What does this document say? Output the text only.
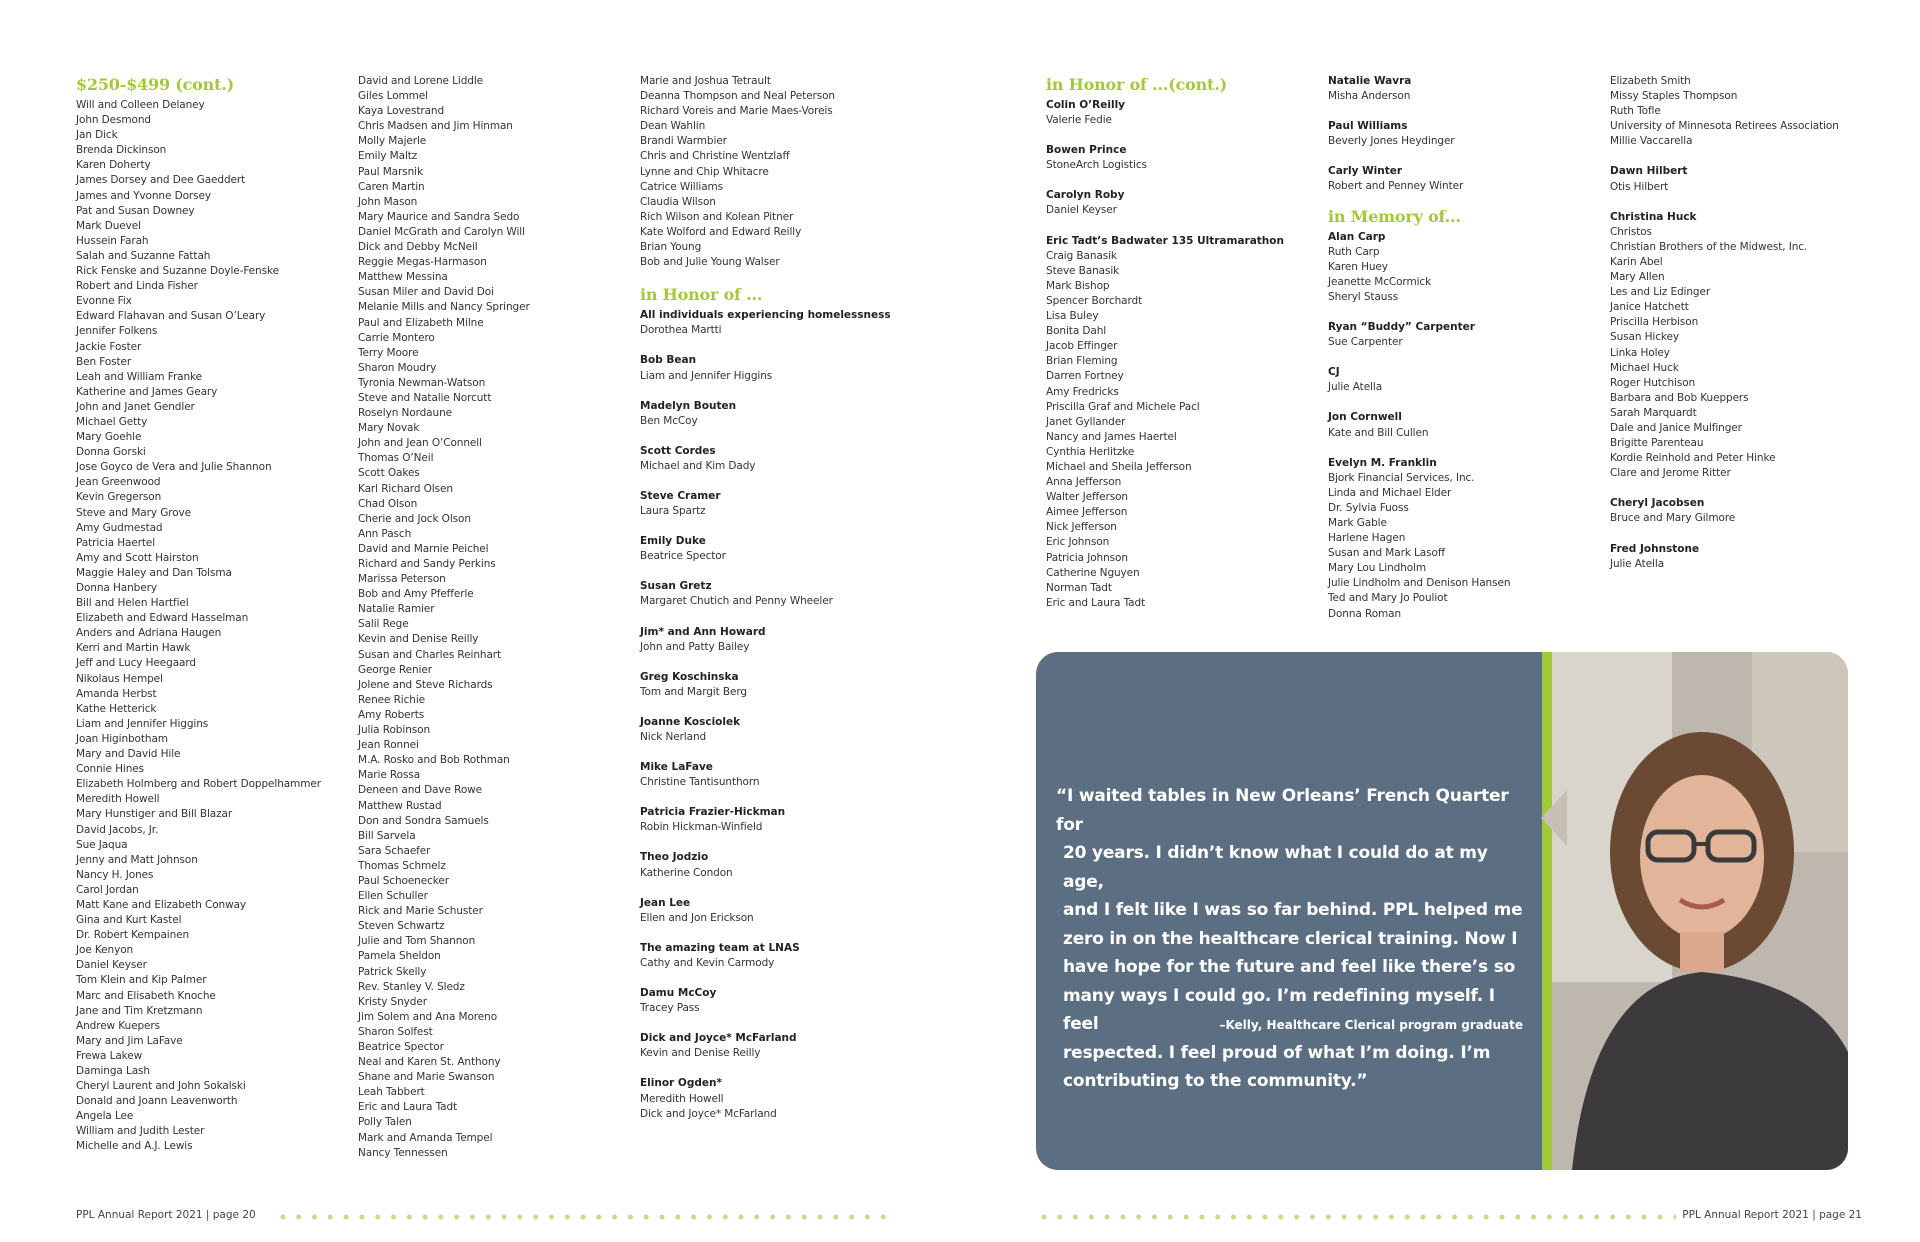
$250-$499 (cont.)
Will and Colleen Delaney
John Desmond
Jan Dick
Brenda Dickinson
Karen Doherty
James Dorsey and Dee Gaeddert
James and Yvonne Dorsey
Pat and Susan Downey
Mark Duevel
Hussein Farah
Salah and Suzanne Fattah
Rick Fenske and Suzanne Doyle-Fenske
Robert and Linda Fisher
Evonne Fix
Edward Flahavan and Susan O’Leary
Jennifer Folkens
Jackie Foster
Ben Foster
Leah and William Franke
Katherine and James Geary
John and Janet Gendler
Michael Getty
Mary Goehle
Donna Gorski
Jose Goyco de Vera and Julie Shannon
Jean Greenwood
Kevin Gregerson
Steve and Mary Grove
Amy Gudmestad
Patricia Haertel
Amy and Scott Hairston
Maggie Haley and Dan Tolsma
Donna Hanbery
Bill and Helen Hartfiel
Elizabeth and Edward Hasselman
Anders and Adriana Haugen
Kerri and Martin Hawk
Jeff and Lucy Heegaard
Nikolaus Hempel
Amanda Herbst
Kathe Hetterick
Liam and Jennifer Higgins
Joan Higinbotham
Mary and David Hile
Connie Hines
Elizabeth Holmberg and Robert Doppelhammer
Meredith Howell
Mary Hunstiger and Bill Blazar
David Jacobs, Jr.
Sue Jaqua
Jenny and Matt Johnson
Nancy H. Jones
Carol Jordan
Matt Kane and Elizabeth Conway
Gina and Kurt Kastel
Dr. Robert Kempainen
Joe Kenyon
Daniel Keyser
Tom Klein and Kip Palmer
Marc and Elisabeth Knoche
Jane and Tim Kretzmann
Andrew Kuepers
Mary and Jim LaFave
Frewa Lakew
Daminga Lash
Cheryl Laurent and John Sokalski
Donald and Joann Leavenworth
Angela Lee
William and Judith Lester
Michelle and A.J. Lewis
David and Lorene Liddle
Giles Lommel
Kaya Lovestrand
Chris Madsen and Jim Hinman
Molly Majerle
Emily Maltz
Paul Marsnik
Caren Martin
John Mason
Mary Maurice and Sandra Sedo
Daniel McGrath and Carolyn Will
Dick and Debby McNeil
Reggie Megas-Harmason
Matthew Messina
Susan Miler and David Doi
Melanie Mills and Nancy Springer
Paul and Elizabeth Milne
Carrie Montero
Terry Moore
Sharon Moudry
Tyronia Newman-Watson
Steve and Natalie Norcutt
Roselyn Nordaune
Mary Novak
John and Jean O’Connell
Thomas O’Neil
Scott Oakes
Karl Richard Olsen
Chad Olson
Cherie and Jock Olson
Ann Pasch
David and Marnie Peichel
Richard and Sandy Perkins
Marissa Peterson
Bob and Amy Pfefferle
Natalie Ramier
Salil Rege
Kevin and Denise Reilly
Susan and Charles Reinhart
George Renier
Jolene and Steve Richards
Renee Richie
Amy Roberts
Julia Robinson
Jean Ronnei
M.A. Rosko and Bob Rothman
Marie Rossa
Deneen and Dave Rowe
Matthew Rustad
Don and Sondra Samuels
Bill Sarvela
Sara Schaefer
Thomas Schmelz
Paul Schoenecker
Ellen Schuller
Rick and Marie Schuster
Steven Schwartz
Julie and Tom Shannon
Pamela Sheldon
Patrick Skelly
Rev. Stanley V. Sledz
Kristy Snyder
Jim Solem and Ana Moreno
Sharon Solfest
Beatrice Spector
Neal and Karen St. Anthony
Shane and Marie Swanson
Leah Tabbert
Eric and Laura Tadt
Polly Talen
Mark and Amanda Tempel
Nancy Tennessen
Marie and Joshua Tetrault
Deanna Thompson and Neal Peterson
Richard Voreis and Marie Maes-Voreis
Dean Wahlin
Brandi Warmbier
Chris and Christine Wentzlaff
Lynne and Chip Whitacre
Catrice Williams
Claudia Wilson
Rich Wilson and Kolean Pitner
Kate Wolford and Edward Reilly
Brian Young
Bob and Julie Young Walser
in Honor of ...
All individuals experiencing homelessness
Dorothea Martti
Bob Bean
Liam and Jennifer Higgins
Madelyn Bouten
Ben McCoy
Scott Cordes
Michael and Kim Dady
Steve Cramer
Laura Spartz
Emily Duke
Beatrice Spector
Susan Gretz
Margaret Chutich and Penny Wheeler
Jim* and Ann Howard
John and Patty Bailey
Greg Koschinska
Tom and Margit Berg
Joanne Kosciolek
Nick Nerland
Mike LaFave
Christine Tantisunthorn
Patricia Frazier-Hickman
Robin Hickman-Winfield
Theo Jodzio
Katherine Condon
Jean Lee
Ellen and Jon Erickson
The amazing team at LNAS
Cathy and Kevin Carmody
Damu McCoy
Tracey Pass
Dick and Joyce* McFarland
Kevin and Denise Reilly
Elinor Ogden*
Meredith Howell
Dick and Joyce* McFarland
PPL Annual Report 2021 | page 20
in Honor of ...(cont.)
Colin O’Reilly
Valerie Fedie
Bowen Prince
StoneArch Logistics
Carolyn Roby
Daniel Keyser
Eric Tadt’s Badwater 135 Ultramarathon
Craig Banasik
Steve Banasik
Mark Bishop
Spencer Borchardt
Lisa Buley
Bonita Dahl
Jacob Effinger
Brian Fleming
Darren Fortney
Amy Fredricks
Priscilla Graf and Michele Pacl
Janet Gyllander
Nancy and James Haertel
Cynthia Herlitzke
Michael and Sheila Jefferson
Anna Jefferson
Walter Jefferson
Aimee Jefferson
Nick Jefferson
Eric Johnson
Patricia Johnson
Catherine Nguyen
Norman Tadt
Eric and Laura Tadt
Natalie Wavra
Misha Anderson
Paul Williams
Beverly Jones Heydinger
Carly Winter
Robert and Penney Winter
in Memory of...
Alan Carp
Ruth Carp
Karen Huey
Jeanette McCormick
Sheryl Stauss
Ryan “Buddy” Carpenter
Sue Carpenter
CJ
Julie Atella
Jon Cornwell
Kate and Bill Cullen
Evelyn M. Franklin
Bjork Financial Services, Inc.
Linda and Michael Elder
Dr. Sylvia Fuoss
Mark Gable
Harlene Hagen
Susan and Mark Lasoff
Mary Lou Lindholm
Julie Lindholm and Denison Hansen
Ted and Mary Jo Pouliot
Donna Roman
Elizabeth Smith
Missy Staples Thompson
Ruth Tofle
University of Minnesota Retirees Association
Millie Vaccarella
Dawn Hilbert
Otis Hilbert
Christina Huck
Christos
Christian Brothers of the Midwest, Inc.
Karin Abel
Mary Allen
Les and Liz Edinger
Janice Hatchett
Priscilla Herbison
Susan Hickey
Linka Holey
Michael Huck
Roger Hutchison
Barbara and Bob Kueppers
Sarah Marquardt
Dale and Janice Mulfinger
Brigitte Parenteau
Kordie Reinhold and Peter Hinke
Clare and Jerome Ritter
Cheryl Jacobsen
Bruce and Mary Gilmore
Fred Johnstone
Julie Atella
“I waited tables in New Orleans’ French Quarter for
20 years. I didn’t know what I could do at my age,
and I felt like I was so far behind. PPL helped me
zero in on the healthcare clerical training. Now I
have hope for the future and feel like there’s so
many ways I could go. I’m redefining myself. I feel
respected. I feel proud of what I’m doing. I’m
contributing to the community.”
–Kelly, Healthcare Clerical program graduate
PPL Annual Report 2021 | page 21
